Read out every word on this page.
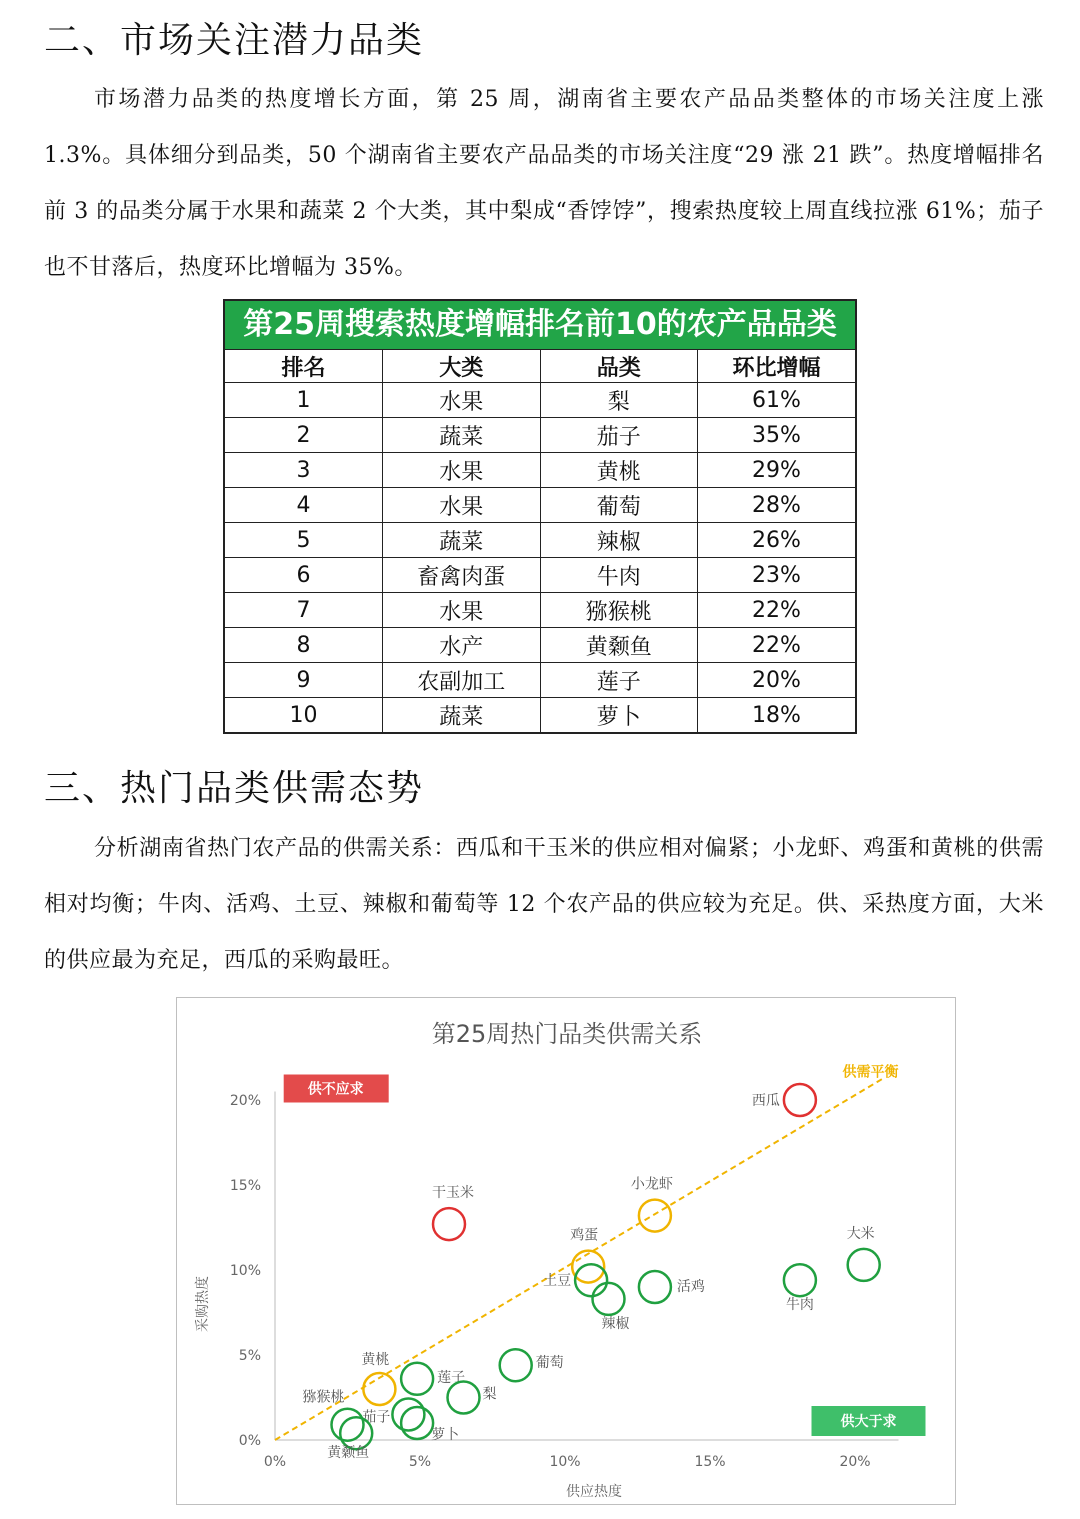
二、市场关注潜力品类
市场潜力品类的热度增长方面，第 25 周，湖南省主要农产品品类整体的市场关注度上涨 1.3%。具体细分到品类，50 个湖南省主要农产品品类的市场关注度“29 涨 21 跌”。热度增幅排名前 3 的品类分属于水果和蔬菜 2 个大类，其中梨成“香饽饽”，搜索热度较上周直线拉涨 61%；茄子也不甘落后，热度环比增幅为 35%。
第25周搜索热度增幅排名前10的农产品品类
排名	大类	品类	环比增幅
1	水果	梨	61%
2	蔬菜	茄子	35%
3	水果	黄桃	29%
4	水果	葡萄	28%
5	蔬菜	辣椒	26%
6	畜禽肉蛋	牛肉	23%
7	水果	猕猴桃	22%
8	水产	黄颡鱼	22%
9	农副加工	莲子	20%
10	蔬菜	萝卜	18%
三、热门品类供需态势
分析湖南省热门农产品的供需关系：西瓜和干玉米的供应相对偏紧；小龙虾、鸡蛋和黄桃的供需相对均衡；牛肉、活鸡、土豆、辣椒和葡萄等 12 个农产品的供应较为充足。供、采热度方面，大米的供应最为充足，西瓜的采购最旺。
第25周热门品类供需关系
0%	5%	10%	15%	20%
0%
5%
10%
15%
20%
供应热度
采购热度
供需平衡
供不应求
供大于求
西瓜
干玉米
小龙虾
鸡蛋
黄桃
大米
牛肉
活鸡
土豆
辣椒
葡萄
莲子
梨
茄子
萝卜
猕猴桃
黄颡鱼
